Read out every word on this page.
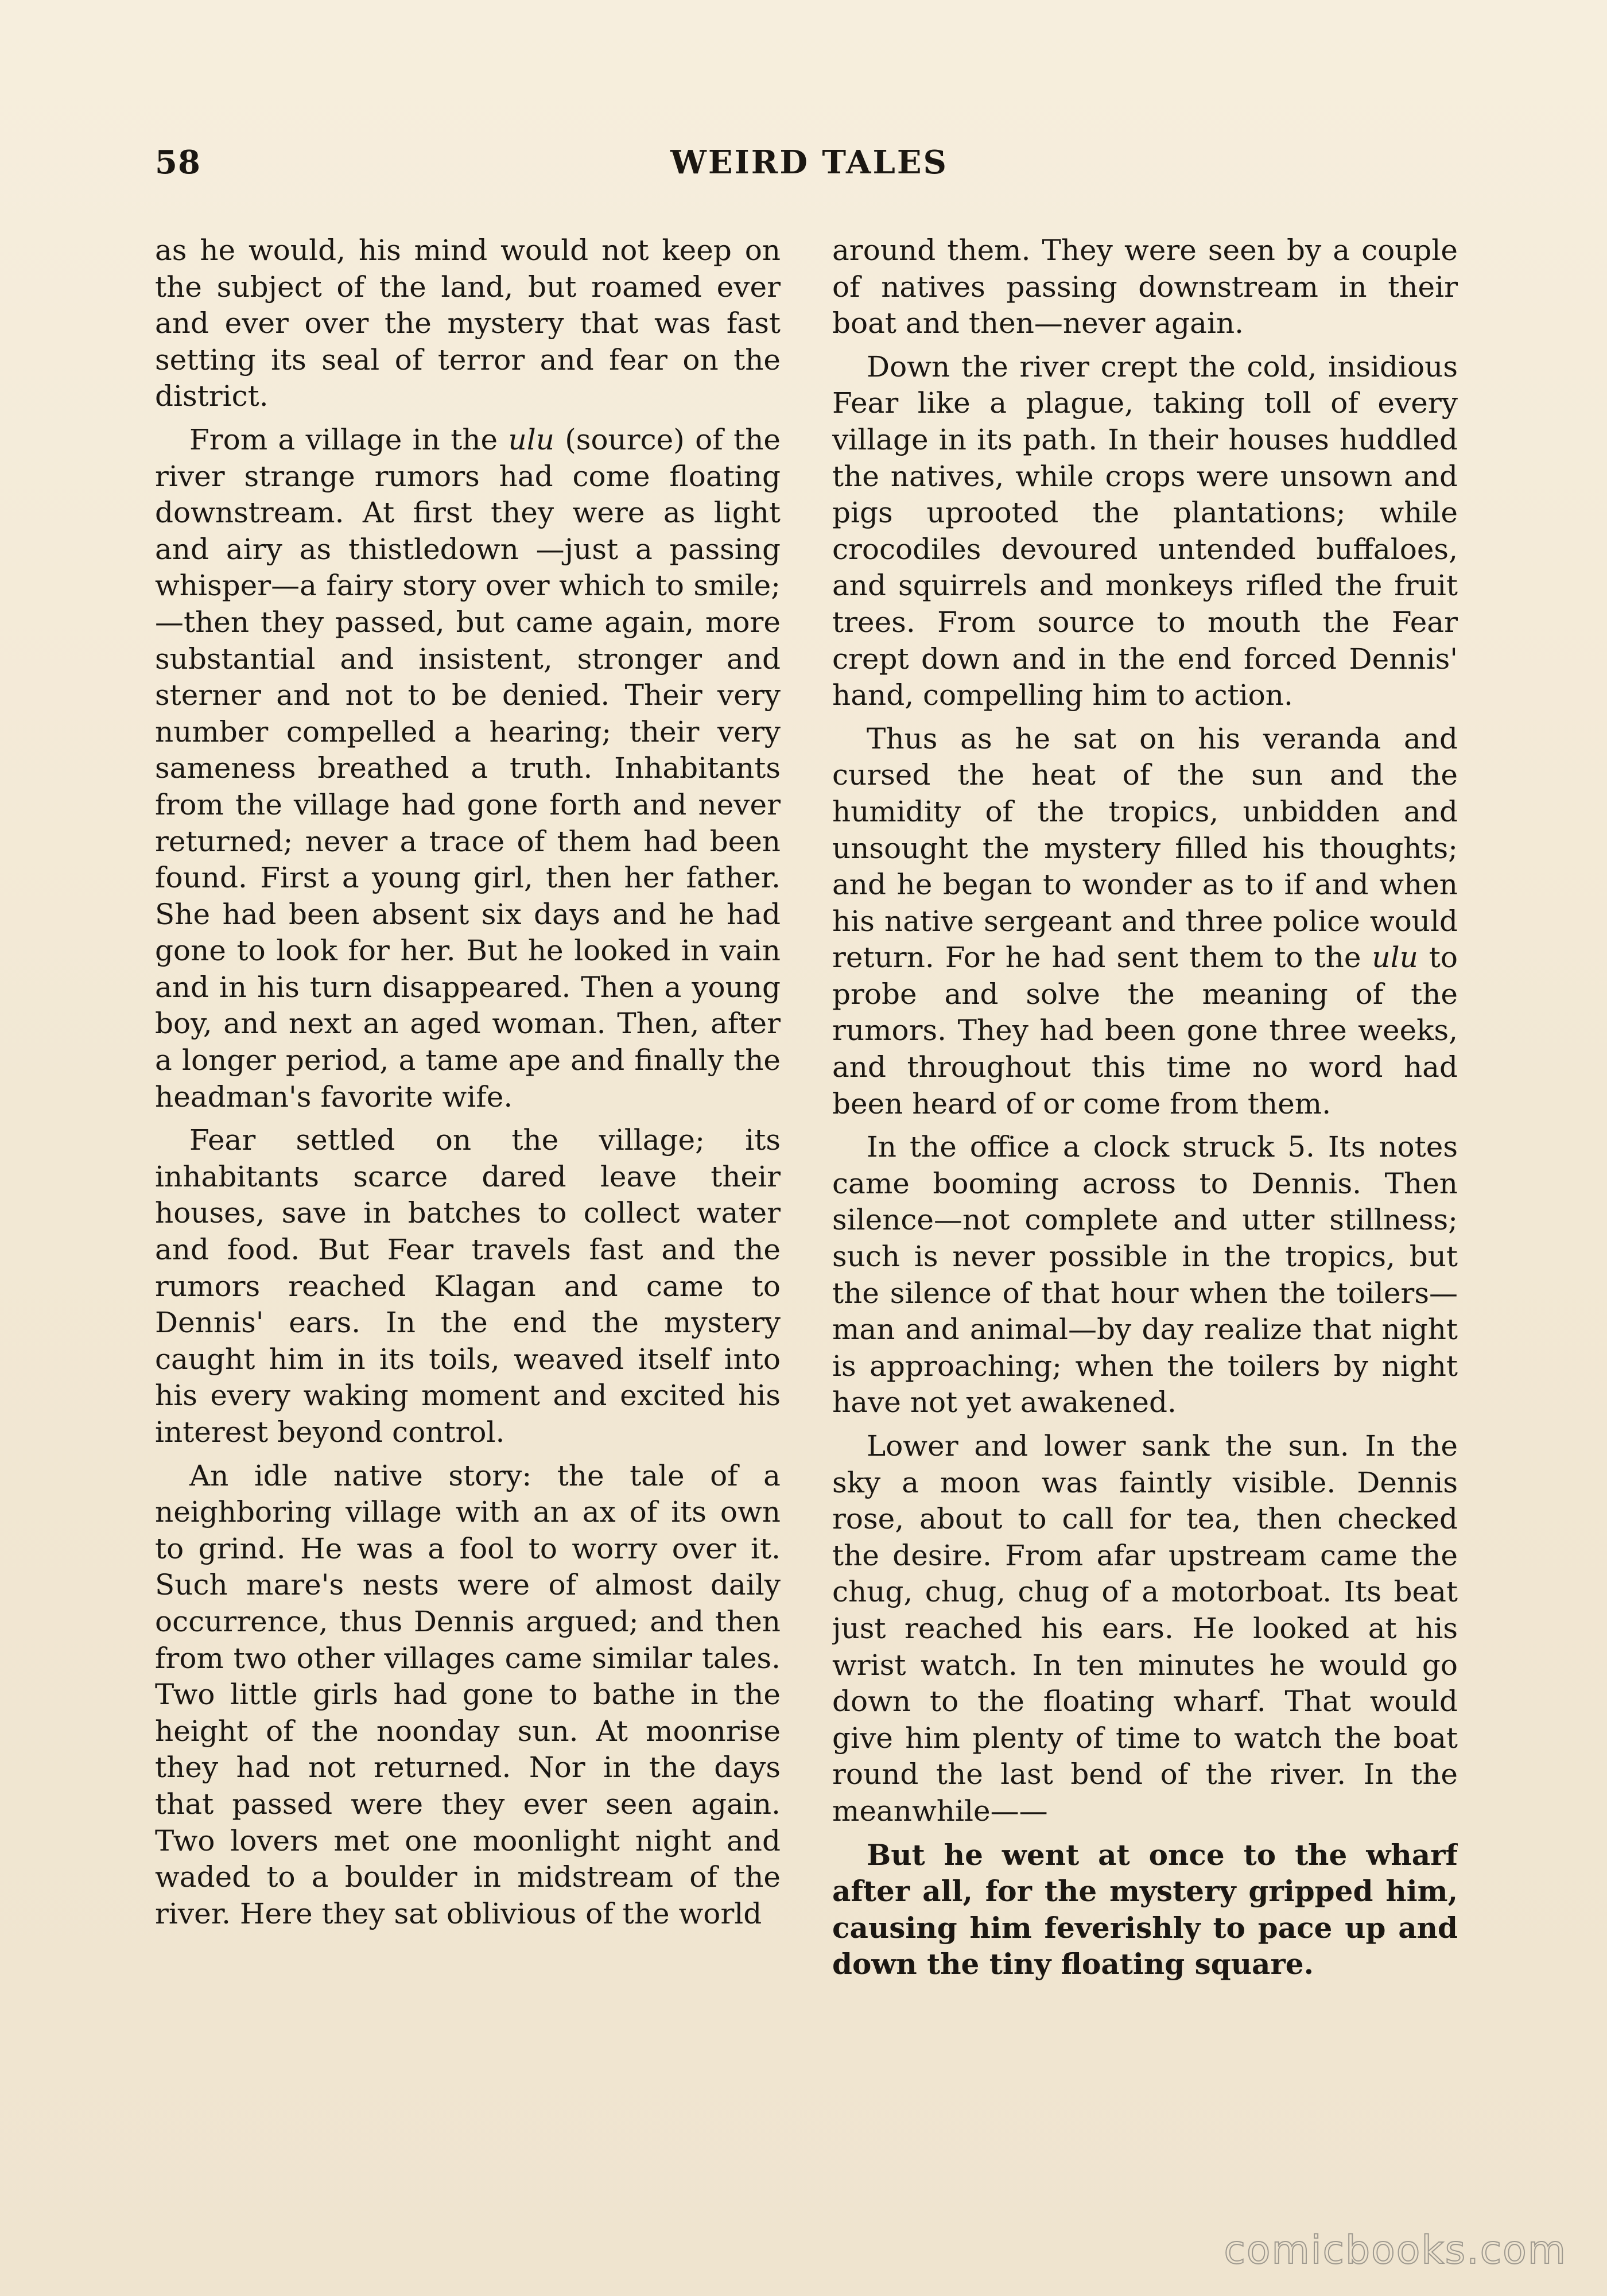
58	WEIRD TALES

as he would, his mind would not keep on the subject of the land, but roamed ever and ever over the mystery that was fast setting its seal of terror and fear on the district.

From a village in the ulu (source) of the river strange rumors had come floating downstream. At first they were as light and airy as thistledown —just a passing whisper—a fairy story over which to smile;—then they passed, but came again, more substantial and insistent, stronger and sterner and not to be denied. Their very number compelled a hearing; their very sameness breathed a truth. Inhabitants from the village had gone forth and never returned; never a trace of them had been found. First a young girl, then her father. She had been absent six days and he had gone to look for her. But he looked in vain and in his turn disappeared. Then a young boy, and next an aged woman. Then, after a longer period, a tame ape and finally the headman's favorite wife.

Fear settled on the village; its inhabitants scarce dared leave their houses, save in batches to collect water and food. But Fear travels fast and the rumors reached Klagan and came to Dennis' ears. In the end the mystery caught him in its toils, weaved itself into his every waking moment and excited his interest beyond control.

An idle native story: the tale of a neighboring village with an ax of its own to grind. He was a fool to worry over it. Such mare's nests were of almost daily occurrence, thus Dennis argued; and then from two other villages came similar tales. Two little girls had gone to bathe in the height of the noonday sun. At moonrise they had not returned. Nor in the days that passed were they ever seen again. Two lovers met one moonlight night and waded to a boulder in midstream of the river. Here they sat oblivious of the world

around them. They were seen by a couple of natives passing downstream in their boat and then—never again.

Down the river crept the cold, insidious Fear like a plague, taking toll of every village in its path. In their houses huddled the natives, while crops were unsown and pigs uprooted the plantations; while crocodiles devoured untended buffaloes, and squirrels and monkeys rifled the fruit trees. From source to mouth the Fear crept down and in the end forced Dennis' hand, compelling him to action.

Thus as he sat on his veranda and cursed the heat of the sun and the humidity of the tropics, unbidden and unsought the mystery filled his thoughts; and he began to wonder as to if and when his native sergeant and three police would return. For he had sent them to the ulu to probe and solve the meaning of the rumors. They had been gone three weeks, and throughout this time no word had been heard of or come from them.

In the office a clock struck 5. Its notes came booming across to Dennis. Then silence—not complete and utter stillness; such is never possible in the tropics, but the silence of that hour when the toilers—man and animal—by day realize that night is approaching; when the toilers by night have not yet awakened.

Lower and lower sank the sun. In the sky a moon was faintly visible. Dennis rose, about to call for tea, then checked the desire. From afar upstream came the chug, chug, chug of a motorboat. Its beat just reached his ears. He looked at his wrist watch. In ten minutes he would go down to the floating wharf. That would give him plenty of time to watch the boat round the last bend of the river. In the meanwhile——

But he went at once to the wharf after all, for the mystery gripped him, causing him feverishly to pace up and down the tiny floating square.

comicbooks.com
